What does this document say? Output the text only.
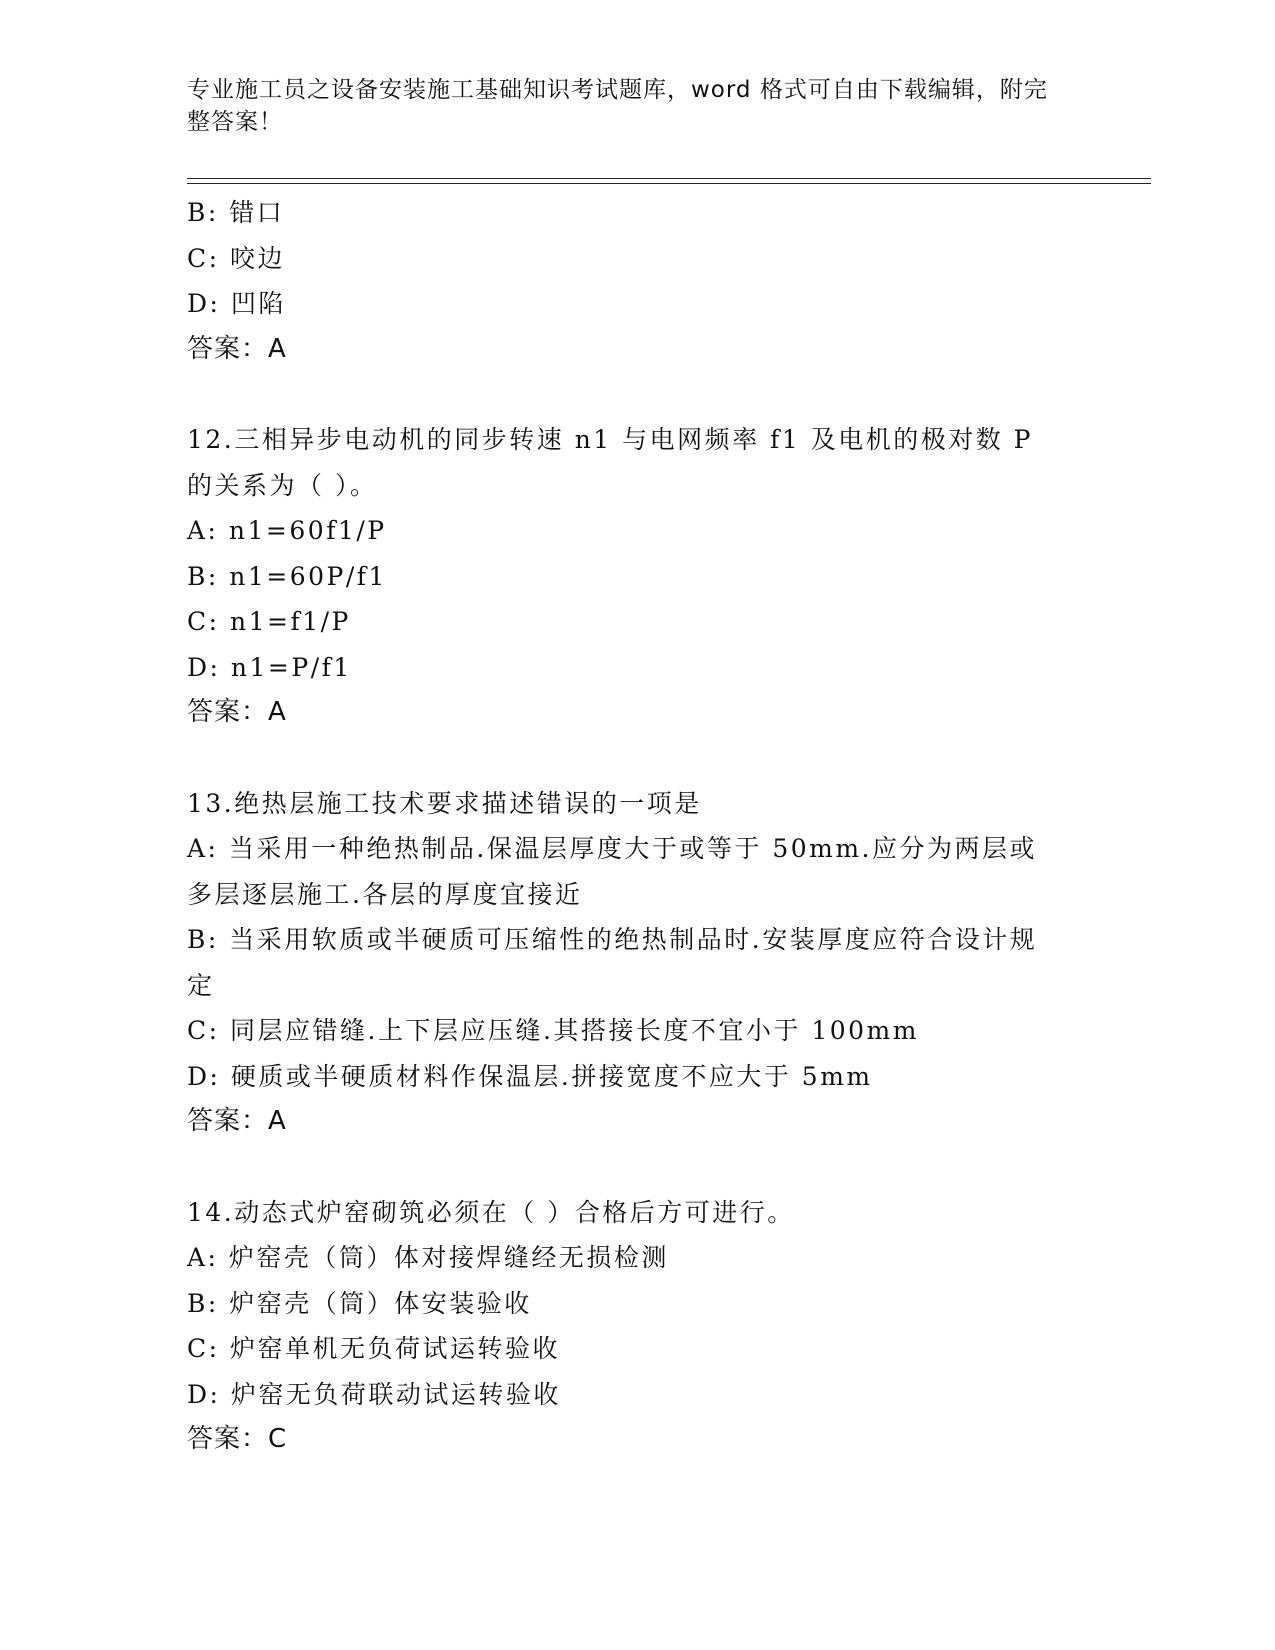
专业施工员之设备安装施工基础知识考试题库，word 格式可自由下载编辑，附完整答案！
B: 错口
C: 咬边
D: 凹陷
答案：A
12.三相异步电动机的同步转速 n1 与电网频率 f1 及电机的极对数 P 的关系为（ ）。
A: n1=60f1/P
B: n1=60P/f1
C: n1=f1/P
D: n1=P/f1
答案：A
13.绝热层施工技术要求描述错误的一项是
A: 当采用一种绝热制品.保温层厚度大于或等于 50mm.应分为两层或多层逐层施工.各层的厚度宜接近
B: 当采用软质或半硬质可压缩性的绝热制品时.安装厚度应符合设计规定
C: 同层应错缝.上下层应压缝.其搭接长度不宜小于 100mm
D: 硬质或半硬质材料作保温层.拼接宽度不应大于 5mm
答案：A
14.动态式炉窑砌筑必须在（ ）合格后方可进行。
A: 炉窑壳（筒）体对接焊缝经无损检测
B: 炉窑壳（筒）体安装验收
C: 炉窑单机无负荷试运转验收
D: 炉窑无负荷联动试运转验收
答案：C
